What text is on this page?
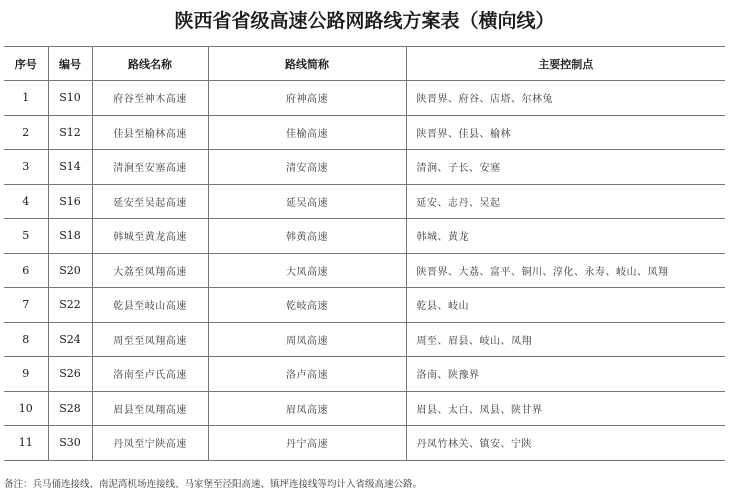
陕西省省级高速公路网路线方案表（横向线）
序号	编号	路线名称	路线简称	主要控制点
1	S10	府谷至神木高速	府神高速	陕晋界、府谷、店塔、尔林兔
2	S12	佳县至榆林高速	佳榆高速	陕晋界、佳县、榆林
3	S14	清涧至安塞高速	清安高速	清涧、子长、安塞
4	S16	延安至吴起高速	延吴高速	延安、志丹、吴起
5	S18	韩城至黄龙高速	韩黄高速	韩城、黄龙
6	S20	大荔至凤翔高速	大凤高速	陕晋界、大荔、富平、铜川、淳化、永寿、岐山、凤翔
7	S22	乾县至岐山高速	乾岐高速	乾县、岐山
8	S24	周至至凤翔高速	周凤高速	周至、眉县、岐山、凤翔
9	S26	洛南至卢氏高速	洛卢高速	洛南、陕豫界
10	S28	眉县至凤翔高速	眉凤高速	眉县、太白、凤县、陕甘界
11	S30	丹凤至宁陕高速	丹宁高速	丹凤竹林关、镇安、宁陕
备注：兵马俑连接线、南泥湾机场连接线、马家堡至泾阳高速、镇坪连接线等均计入省级高速公路。
